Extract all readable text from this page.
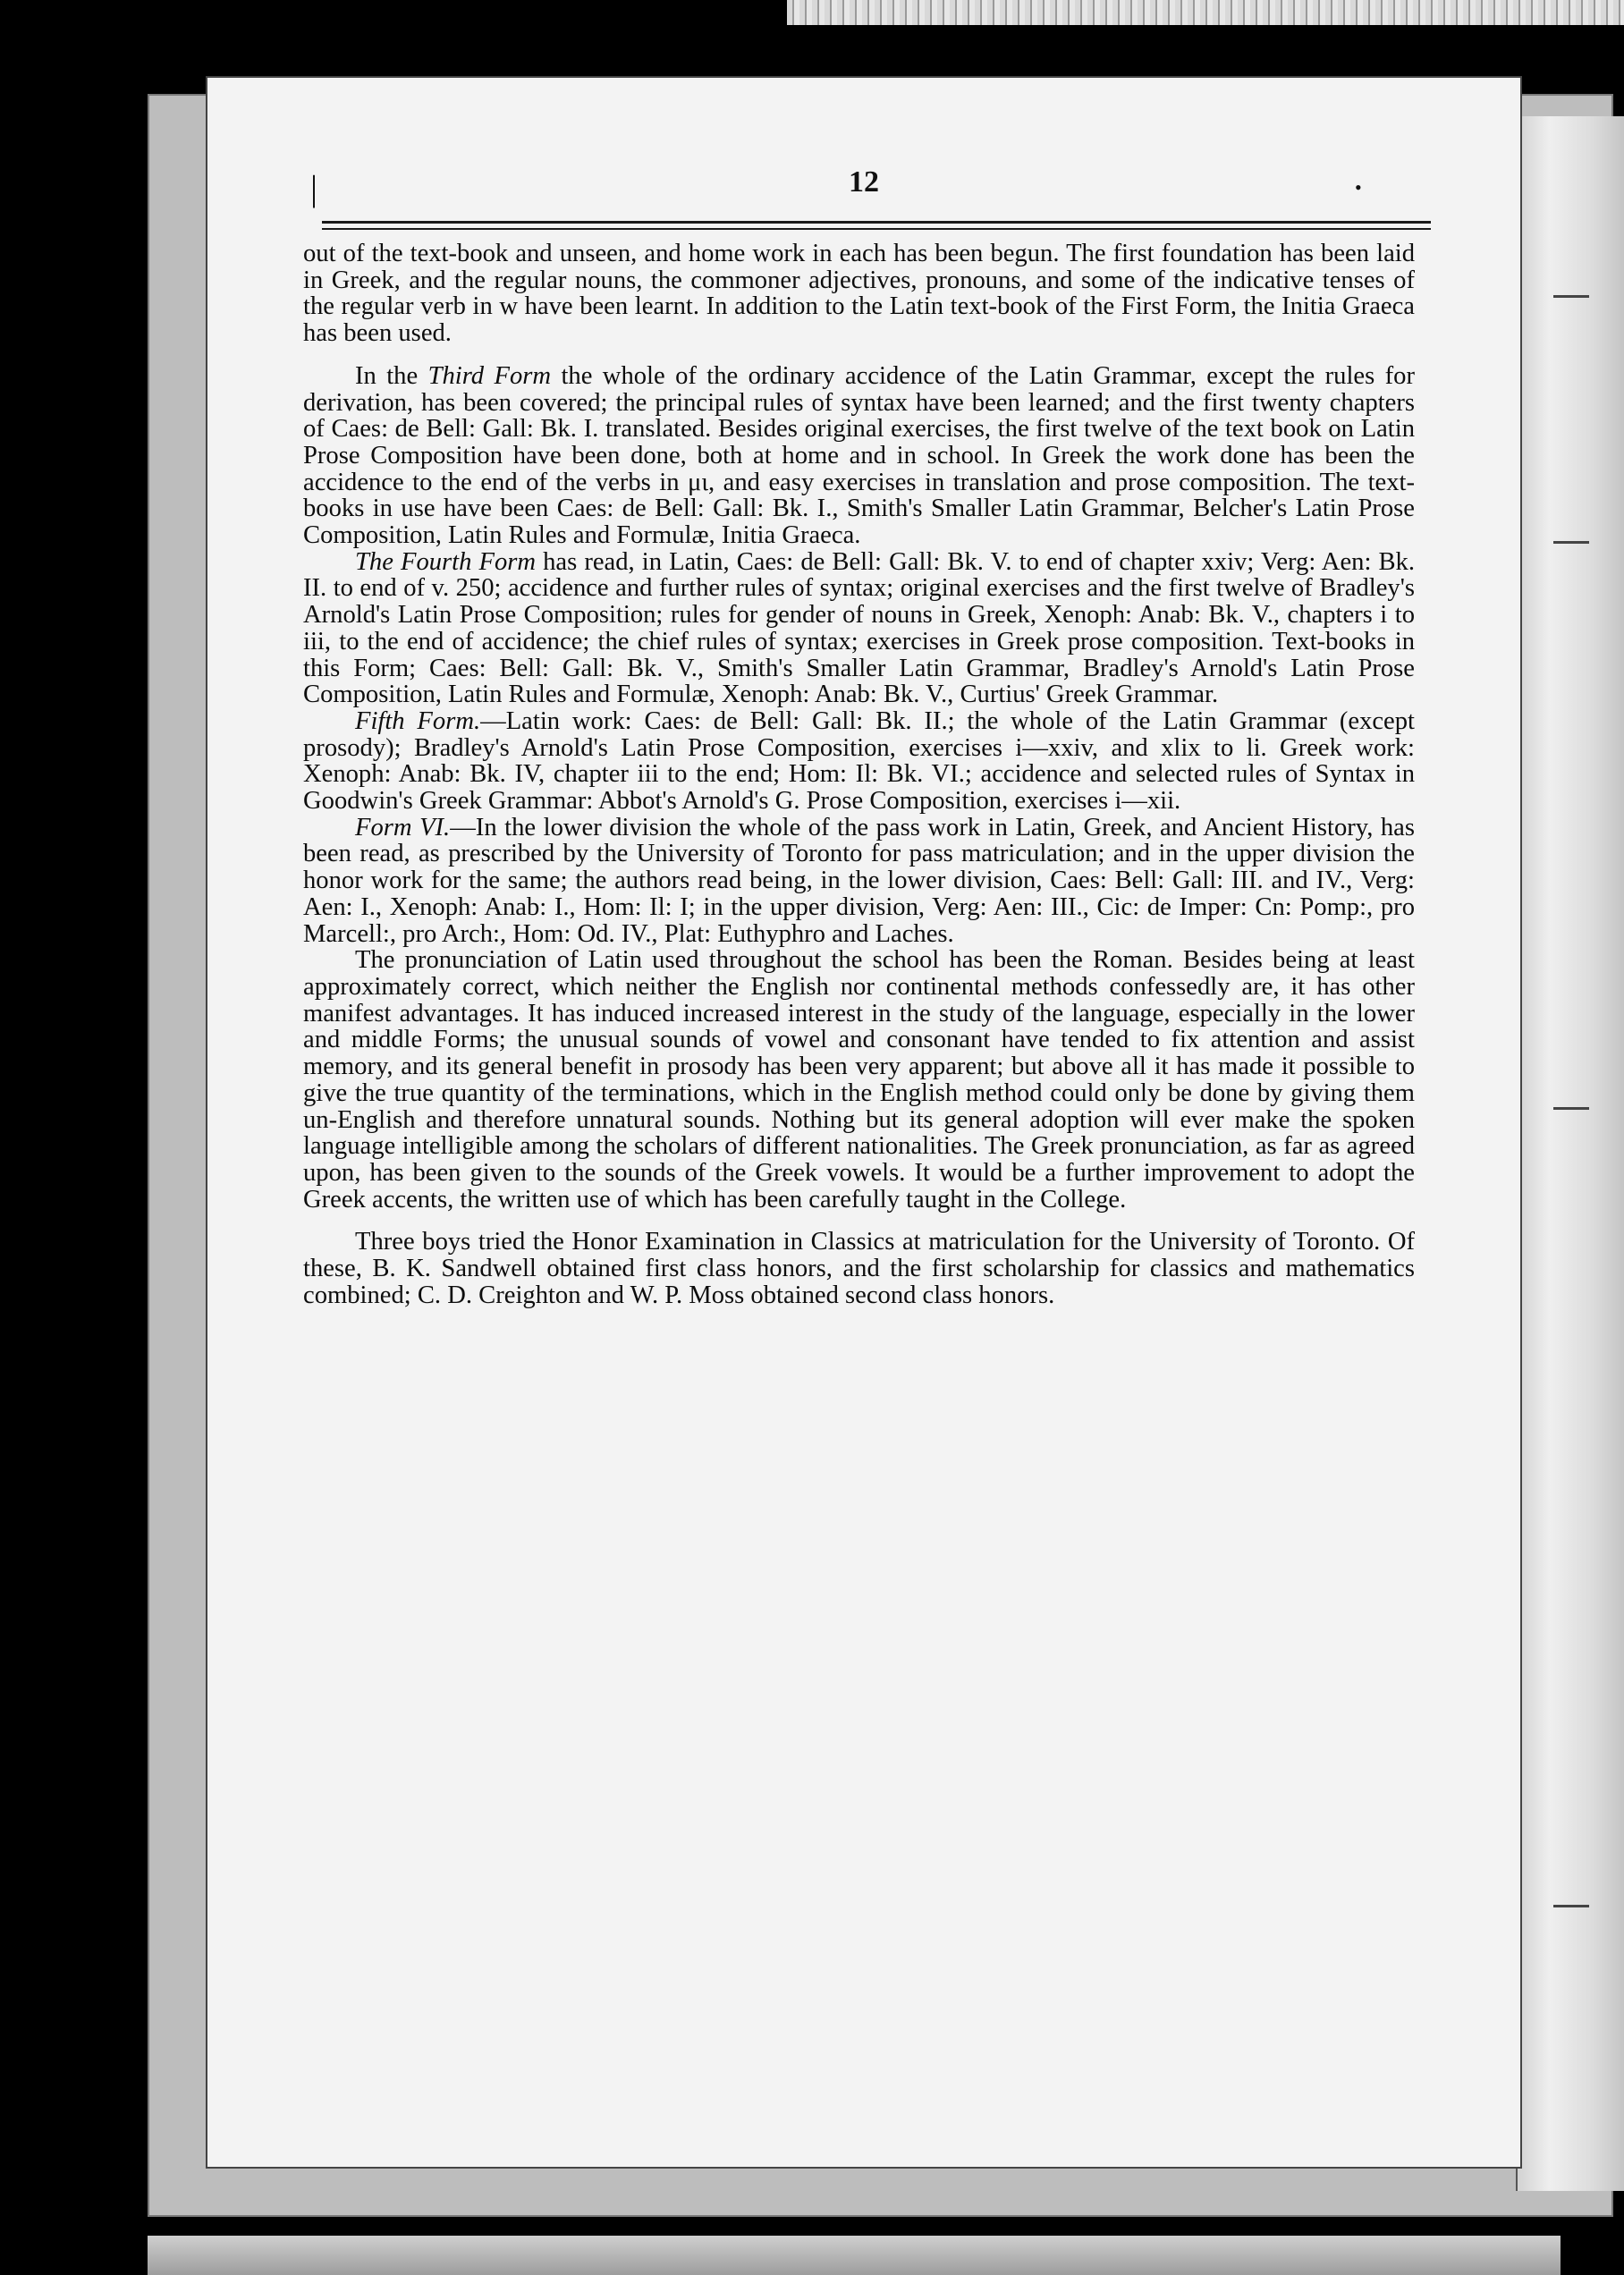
|	12	•

out of the text-book and unseen, and home work in each has been begun. The first foundation has been laid in Greek, and the regular nouns, the commoner adjectives, pronouns, and some of the indicative tenses of the regular verb in w have been learnt. In addition to the Latin text-book of the First Form, the Initia Graeca has been used.

In the Third Form the whole of the ordinary accidence of the Latin Grammar, except the rules for derivation, has been covered; the principal rules of syntax have been learned; and the first twenty chapters of Caes: de Bell: Gall: Bk. I. translated. Besides original exercises, the first twelve of the text book on Latin Prose Composition have been done, both at home and in school. In Greek the work done has been the accidence to the end of the verbs in μι, and easy exercises in translation and prose composition. The text-books in use have been Caes: de Bell: Gall: Bk. I., Smith's Smaller Latin Grammar, Belcher's Latin Prose Composition, Latin Rules and Formulæ, Initia Graeca.

The Fourth Form has read, in Latin, Caes: de Bell: Gall: Bk. V. to end of chapter xxiv; Verg: Aen: Bk. II. to end of v. 250; accidence and further rules of syntax; original exercises and the first twelve of Bradley's Arnold's Latin Prose Composition; rules for gender of nouns in Greek, Xenoph: Anab: Bk. V., chapters i to iii, to the end of accidence; the chief rules of syntax; exercises in Greek prose composition. Text-books in this Form; Caes: Bell: Gall: Bk. V., Smith's Smaller Latin Grammar, Bradley's Arnold's Latin Prose Composition, Latin Rules and Formulæ, Xenoph: Anab: Bk. V., Curtius' Greek Grammar.

Fifth Form.—Latin work: Caes: de Bell: Gall: Bk. II.; the whole of the Latin Grammar (except prosody); Bradley's Arnold's Latin Prose Composition, exercises i—xxiv, and xlix to li. Greek work: Xenoph: Anab: Bk. IV, chapter iii to the end; Hom: Il: Bk. VI.; accidence and selected rules of Syntax in Goodwin's Greek Grammar: Abbot's Arnold's G. Prose Composition, exercises i—xii.

Form VI.—In the lower division the whole of the pass work in Latin, Greek, and Ancient History, has been read, as prescribed by the University of Toronto for pass matriculation; and in the upper division the honor work for the same; the authors read being, in the lower division, Caes: Bell: Gall: III. and IV., Verg: Aen: I., Xenoph: Anab: I., Hom: Il: I; in the upper division, Verg: Aen: III., Cic: de Imper: Cn: Pomp:, pro Marcell:, pro Arch:, Hom: Od. IV., Plat: Euthyphro and Laches.

The pronunciation of Latin used throughout the school has been the Roman. Besides being at least approximately correct, which neither the English nor continental methods confessedly are, it has other manifest advantages. It has induced increased interest in the study of the language, especially in the lower and middle Forms; the unusual sounds of vowel and consonant have tended to fix attention and assist memory, and its general benefit in prosody has been very apparent; but above all it has made it possible to give the true quantity of the terminations, which in the English method could only be done by giving them un-English and therefore unnatural sounds. Nothing but its general adoption will ever make the spoken language intelligible among the scholars of different nationalities. The Greek pronunciation, as far as agreed upon, has been given to the sounds of the Greek vowels. It would be a further improvement to adopt the Greek accents, the written use of which has been carefully taught in the College.

Three boys tried the Honor Examination in Classics at matriculation for the University of Toronto. Of these, B. K. Sandwell obtained first class honors, and the first scholarship for classics and mathematics combined; C. D. Creighton and W. P. Moss obtained second class honors.
